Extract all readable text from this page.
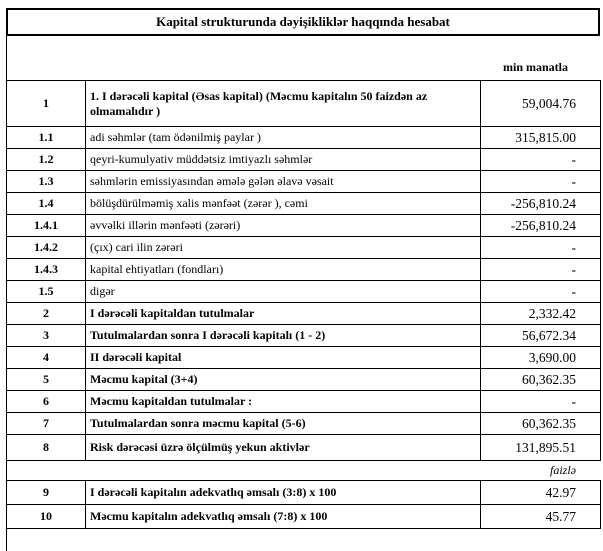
Kapital strukturunda dəyişikliklər haqqında hesabat
min manatla
1	1. I dərəcəli kapital (Əsas kapital) (Məcmu kapitalın 50 faizdən az olmamalıdır )	59,004.76
1.1	adi səhmlər (tam ödənilmiş paylar )	315,815.00
1.2	qeyri-kumulyativ müddətsiz imtiyazlı səhmlər	-
1.3	səhmlərin emissiyasından əmələ gələn əlavə vəsait	-
1.4	bölüşdürülməmiş xalis mənfəət (zərər ), cəmi	-256,810.24
1.4.1	əvvəlki illərin mənfəəti (zərəri)	-256,810.24
1.4.2	(çıx) cari ilin zərəri	-
1.4.3	kapital ehtiyatları (fondları)	-
1.5	digər	-
2	I dərəcəli kapitaldan tutulmalar	2,332.42
3	Tutulmalardan sonra I dərəcəli kapitalı (1 - 2)	56,672.34
4	II dərəcəli kapital	3,690.00
5	Məcmu kapital (3+4)	60,362.35
6	Məcmu kapitaldan tutulmalar :	-
7	Tutulmalardan sonra məcmu kapital (5-6)	60,362.35
8	Risk dərəcəsi üzrə ölçülmüş yekun aktivlər	131,895.51
faizlə
9	I dərəcəli kapitalın adekvatlıq əmsalı (3:8) x 100	42.97
10	Məcmu kapitalın adekvatlıq əmsalı (7:8) x 100	45.77
